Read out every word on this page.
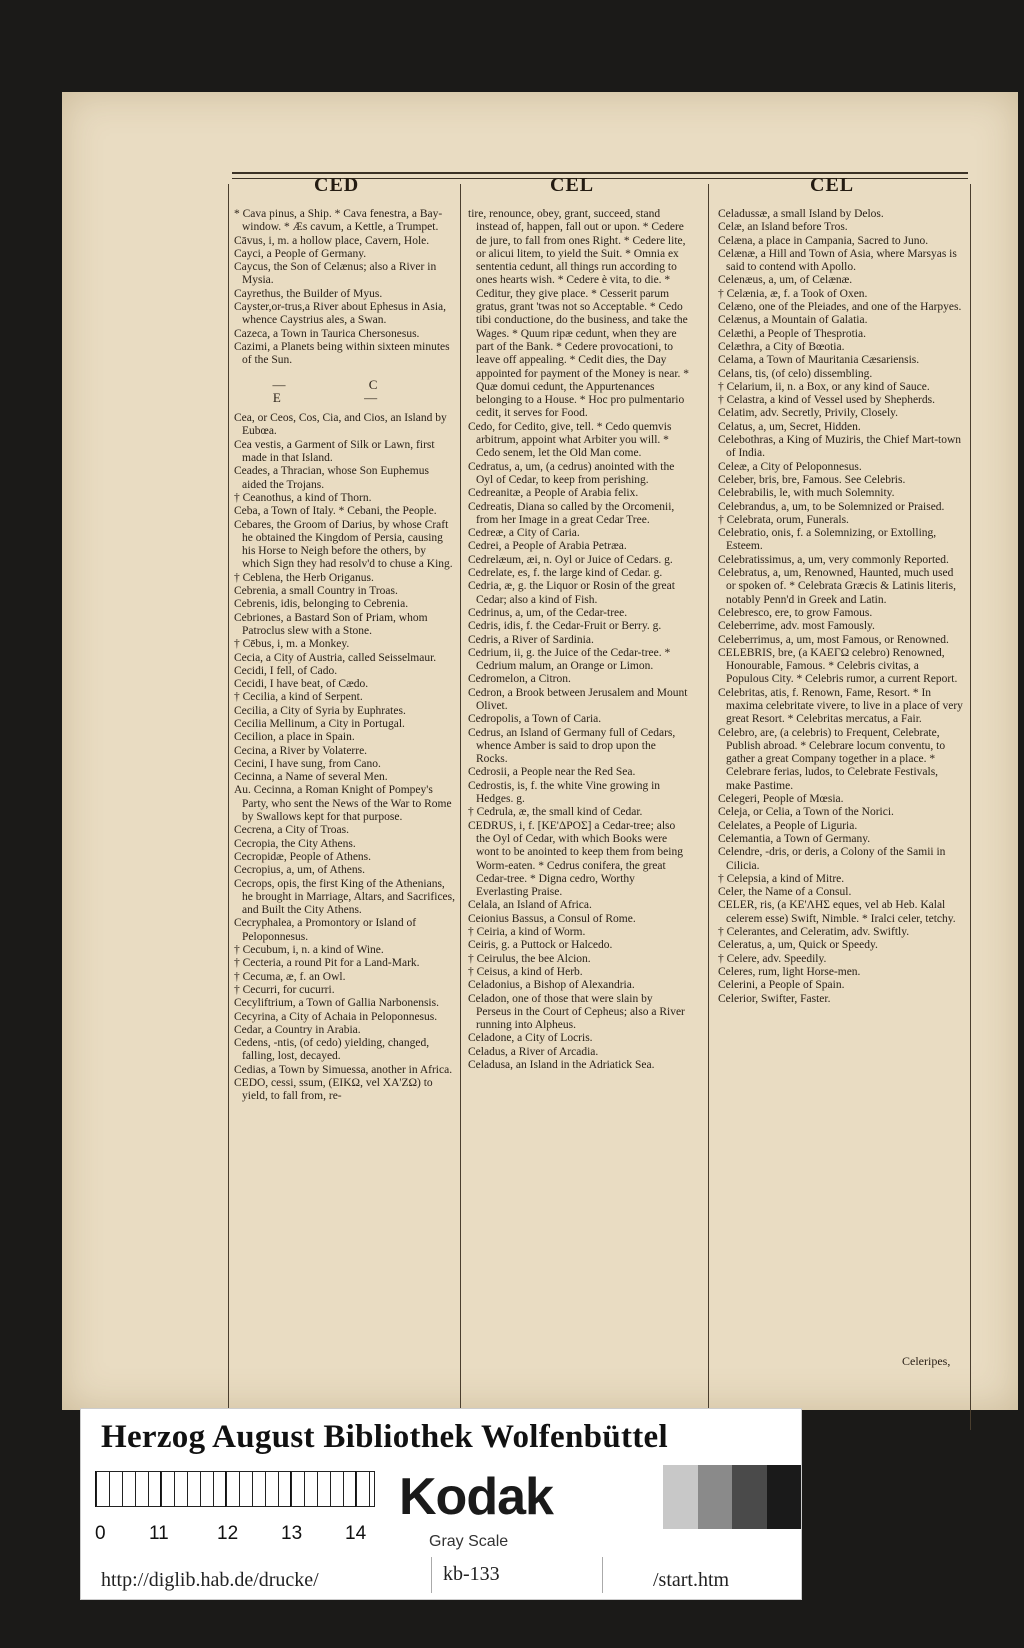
CED	CEL	CEL

* Cava pinus, a Ship. * Cava fenestra, a Bay-window. * Æs cavum, a Kettle, a Trumpet.

Cāvus, i, m. a hollow place, Cavern, Hole.

Cayci, a People of Germany.

Caycus, the Son of Celænus; also a River in Mysia.

Cayrethus, the Builder of Myus.

Cayster,or-trus,a River about Ephesus in Asia, whence Caystrius ales, a Swan.

Cazeca, a Town in Taurica Chersonesus.

Cazimi, a Planets being within sixteen minutes of the Sun.

— C E —

Cea, or Ceos, Cos, Cia, and Cios, an Island by Eubœa.

Cea vestis, a Garment of Silk or Lawn, first made in that Island.

Ceades, a Thracian, whose Son Euphemus aided the Trojans.

† Ceanothus, a kind of Thorn.

Ceba, a Town of Italy. * Cebani, the People.

Cebares, the Groom of Darius, by whose Craft he obtained the Kingdom of Persia, causing his Horse to Neigh before the others, by which Sign they had resolv'd to chuse a King.

† Ceblena, the Herb Origanus.

Cebrenia, a small Country in Troas.

Cebrenis, idis, belonging to Cebrenia.

Cebriones, a Bastard Son of Priam, whom Patroclus slew with a Stone.

† Cēbus, i, m. a Monkey.

Cecia, a City of Austria, called Seisselmaur.

Cecidi, I fell, of Cado.

Cecidi, I have beat, of Cædo.

† Cecilia, a kind of Serpent.

Cecilia, a City of Syria by Euphrates.

Cecilia Mellinum, a City in Portugal.

Cecilion, a place in Spain.

Cecina, a River by Volaterre.

Cecini, I have sung, from Cano.

Cecinna, a Name of several Men.

Au. Cecinna, a Roman Knight of Pompey's Party, who sent the News of the War to Rome by Swallows kept for that purpose.

Cecrena, a City of Troas.

Cecropia, the City Athens.

Cecropidæ, People of Athens.

Cecropius, a, um, of Athens.

Cecrops, opis, the first King of the Athenians, he brought in Marriage, Altars, and Sacrifices, and Built the City Athens.

Cecryphalea, a Promontory or Island of Peloponnesus.

† Cecubum, i, n. a kind of Wine.

† Cecteria, a round Pit for a Land-Mark.

† Cecuma, æ, f. an Owl.

† Cecurri, for cucurri.

Cecyliftrium, a Town of Gallia Narbonensis.

Cecyrina, a City of Achaia in Peloponnesus.

Cedar, a Country in Arabia.

Cedens, -ntis, (of cedo) yielding, changed, falling, lost, decayed.

Cedias, a Town by Simuessa, another in Africa.

CEDO, cessi, ssum, (EIKΩ, vel XA'ZΩ) to yield, to fall from, re-

tire, renounce, obey, grant, succeed, stand instead of, happen, fall out or upon. * Cedere de jure, to fall from ones Right. * Cedere lite, or alicui litem, to yield the Suit. * Omnia ex sententia cedunt, all things run according to ones hearts wish. * Cedere è vita, to die. * Ceditur, they give place. * Cesserit parum gratus, grant 'twas not so Acceptable. * Cedo tibi conductione, do the business, and take the Wages. * Quum ripæ cedunt, when they are part of the Bank. * Cedere provocationi, to leave off appealing. * Cedit dies, the Day appointed for payment of the Money is near. * Quæ domui cedunt, the Appurtenances belonging to a House. * Hoc pro pulmentario cedit, it serves for Food.

Cedo, for Cedito, give, tell. * Cedo quemvis arbitrum, appoint what Arbiter you will. * Cedo senem, let the Old Man come.

Cedratus, a, um, (a cedrus) anointed with the Oyl of Cedar, to keep from perishing.

Cedreanitæ, a People of Arabia felix.

Cedreatis, Diana so called by the Orcomenii, from her Image in a great Cedar Tree.

Cedreæ, a City of Caria.

Cedrei, a People of Arabia Petræa.

Cedrelæum, æi, n. Oyl or Juice of Cedars. g.

Cedrelate, es, f. the large kind of Cedar. g.

Cedria, æ, g. the Liquor or Rosin of the great Cedar; also a kind of Fish.

Cedrinus, a, um, of the Cedar-tree.

Cedris, idis, f. the Cedar-Fruit or Berry. g.

Cedris, a River of Sardinia.

Cedrium, ii, g. the Juice of the Cedar-tree. * Cedrium malum, an Orange or Limon.

Cedromelon, a Citron.

Cedron, a Brook between Jerusalem and Mount Olivet.

Cedropolis, a Town of Caria.

Cedrus, an Island of Germany full of Cedars, whence Amber is said to drop upon the Rocks.

Cedrosii, a People near the Red Sea.

Cedrostis, is, f. the white Vine growing in Hedges. g.

† Cedrula, æ, the small kind of Cedar.

CEDRUS, i, f. [KE'ΔPOΣ] a Cedar-tree; also the Oyl of Cedar, with which Books were wont to be anointed to keep them from being Worm-eaten. * Cedrus conifera, the great Cedar-tree. * Digna cedro, Worthy Everlasting Praise.

Celala, an Island of Africa.

Ceionius Bassus, a Consul of Rome.

† Ceiria, a kind of Worm.

Ceiris, g. a Puttock or Halcedo.

† Ceirulus, the bee Alcion.

† Ceisus, a kind of Herb.

Celadonius, a Bishop of Alexandria.

Celadon, one of those that were slain by Perseus in the Court of Cepheus; also a River running into Alpheus.

Celadone, a City of Locris.

Celadus, a River of Arcadia.

Celadusa, an Island in the Adriatick Sea.

Celadussæ, a small Island by Delos.

Celæ, an Island before Tros.

Celæna, a place in Campania, Sacred to Juno.

Celænæ, a Hill and Town of Asia, where Marsyas is said to contend with Apollo.

Celenæus, a, um, of Celænæ.

† Celænia, æ, f. a Took of Oxen.

Celæno, one of the Pleiades, and one of the Harpyes.

Celænus, a Mountain of Galatia.

Celæthi, a People of Thesprotia.

Celæthra, a City of Bœotia.

Celama, a Town of Mauritania Cæsariensis.

Celans, tis, (of celo) dissembling.

† Celarium, ii, n. a Box, or any kind of Sauce.

† Celastra, a kind of Vessel used by Shepherds.

Celatim, adv. Secretly, Privily, Closely.

Celatus, a, um, Secret, Hidden.

Celebothras, a King of Muziris, the Chief Mart-town of India.

Celeæ, a City of Peloponnesus.

Celeber, bris, bre, Famous. See Celebris.

Celebrabilis, le, with much Solemnity.

Celebrandus, a, um, to be Solemnized or Praised.

† Celebrata, orum, Funerals.

Celebratio, onis, f. a Solemnizing, or Extolling, Esteem.

Celebratissimus, a, um, very commonly Reported.

Celebratus, a, um, Renowned, Haunted, much used or spoken of. * Celebrata Græcis & Latinis literis, notably Penn'd in Greek and Latin.

Celebresco, ere, to grow Famous.

Celeberrime, adv. most Famously.

Celeberrimus, a, um, most Famous, or Renowned.

CELEBRIS, bre, (a KAEΓΩ celebro) Renowned, Honourable, Famous. * Celebris civitas, a Populous City. * Celebris rumor, a current Report.

Celebritas, atis, f. Renown, Fame, Resort. * In maxima celebritate vivere, to live in a place of very great Resort. * Celebritas mercatus, a Fair.

Celebro, are, (a celebris) to Frequent, Celebrate, Publish abroad. * Celebrare locum conventu, to gather a great Company together in a place. * Celebrare ferias, ludos, to Celebrate Festivals, make Pastime.

Celegeri, People of Mœsia.

Celeja, or Celia, a Town of the Norici.

Celelates, a People of Liguria.

Celemantia, a Town of Germany.

Celendre, -dris, or deris, a Colony of the Samii in Cilicia.

† Celepsia, a kind of Mitre.

Celer, the Name of a Consul.

CELER, ris, (a KE'ΛΗΣ eques, vel ab Heb. Kalal celerem esse) Swift, Nimble. * Iralci celer, tetchy.

† Celerantes, and Celeratim, adv. Swiftly.

Celeratus, a, um, Quick or Speedy.

† Celere, adv. Speedily.

Celeres, rum, light Horse-men.

Celerini, a People of Spain.

Celerior, Swifter, Faster.

Celeripes,
Herzog August Bibliothek Wolfenbüttel
0 11	12 13 14
Kodak
Gray Scale
http://diglib.hab.de/drucke/	kb-133	/start.htm
